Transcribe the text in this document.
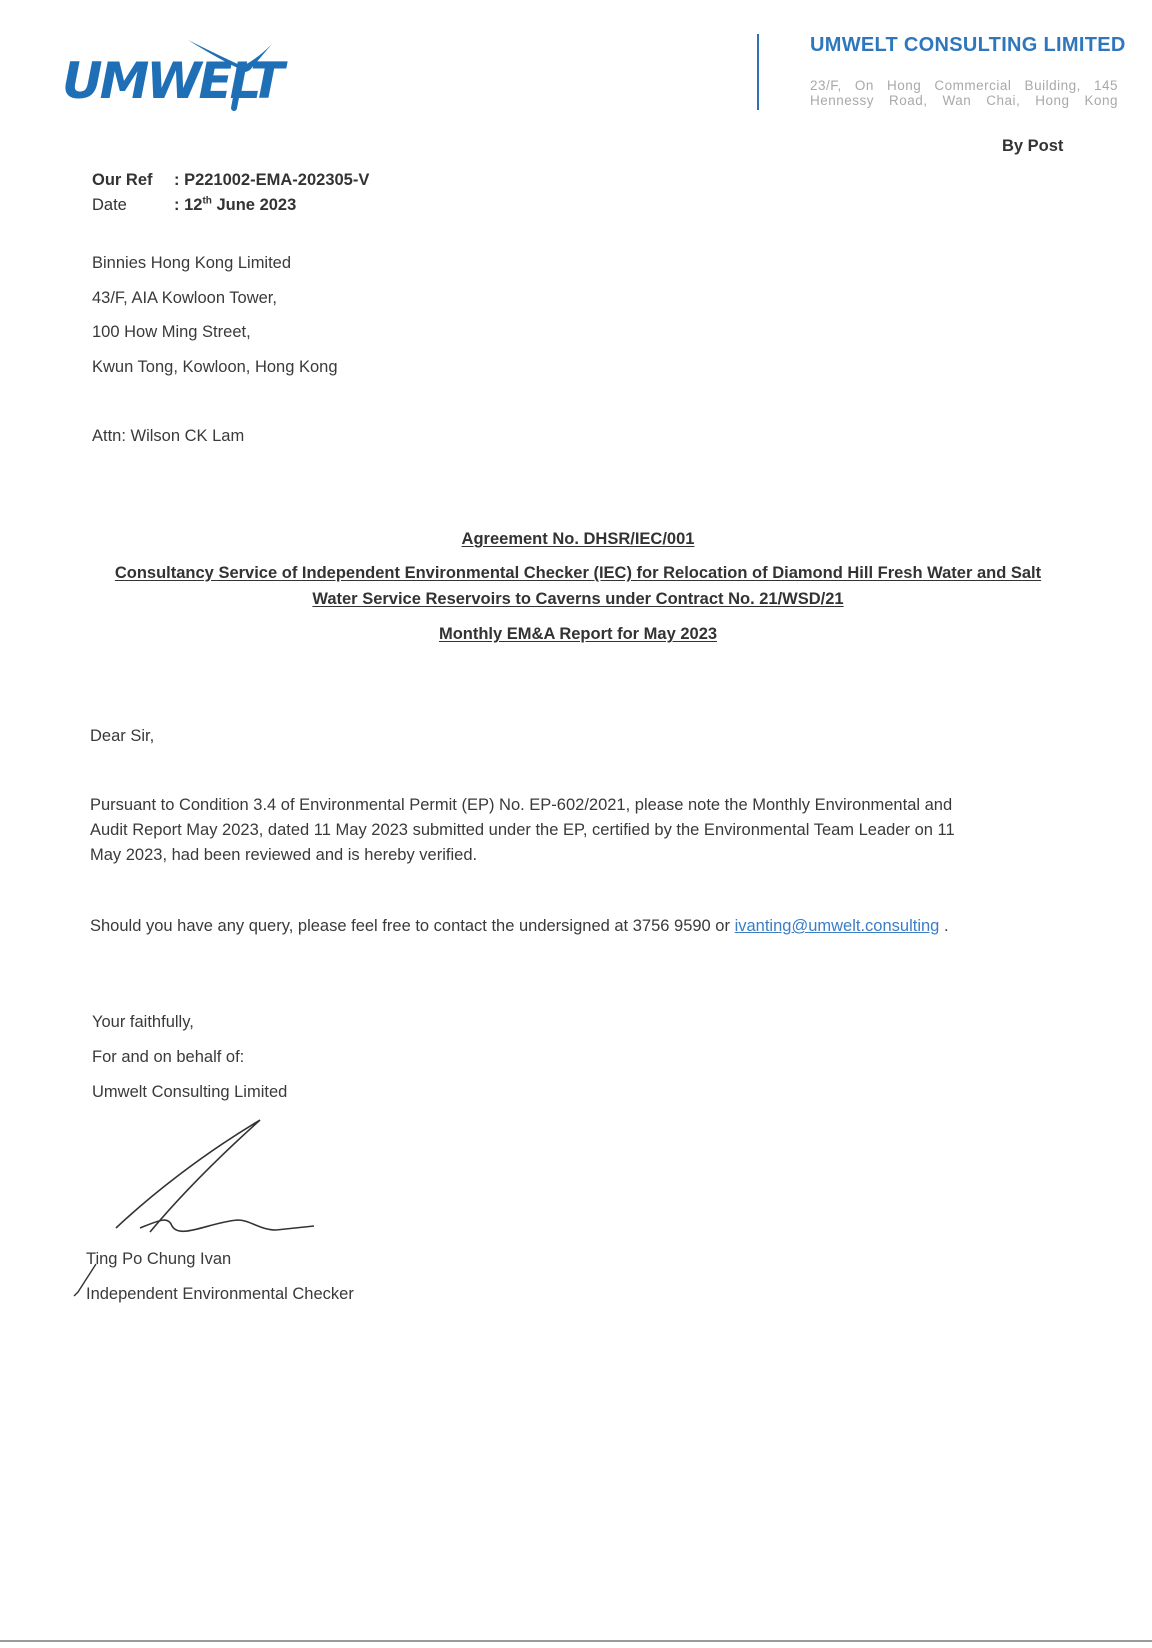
UMWELT
UMWELT CONSULTING LIMITED
23/F, On Hong Commercial Building, 145 Hennessy Road, Wan Chai, Hong Kong
By Post
Our Ref : P221002-EMA-202305-V
Date	: 12th June 2023
Binnies Hong Kong Limited
43/F, AIA Kowloon Tower,
100 How Ming Street,
Kwun Tong, Kowloon, Hong Kong
Attn: Wilson CK Lam
Agreement No. DHSR/IEC/001
Consultancy Service of Independent Environmental Checker (IEC) for Relocation of Diamond Hill Fresh Water and Salt
Water Service Reservoirs to Caverns under Contract No. 21/WSD/21
Monthly EM&A Report for May 2023
Dear Sir,
Pursuant to Condition 3.4 of Environmental Permit (EP) No. EP-602/2021, please note the Monthly Environmental and
Audit Report May 2023, dated 11 May 2023 submitted under the EP, certified by the Environmental Team Leader on 11
May 2023, had been reviewed and is hereby verified.
Should you have any query, please feel free to contact the undersigned at 3756 9590 or ivanting@umwelt.consulting .
Your faithfully,
For and on behalf of:
Umwelt Consulting Limited
Ting Po Chung Ivan
Independent Environmental Checker
